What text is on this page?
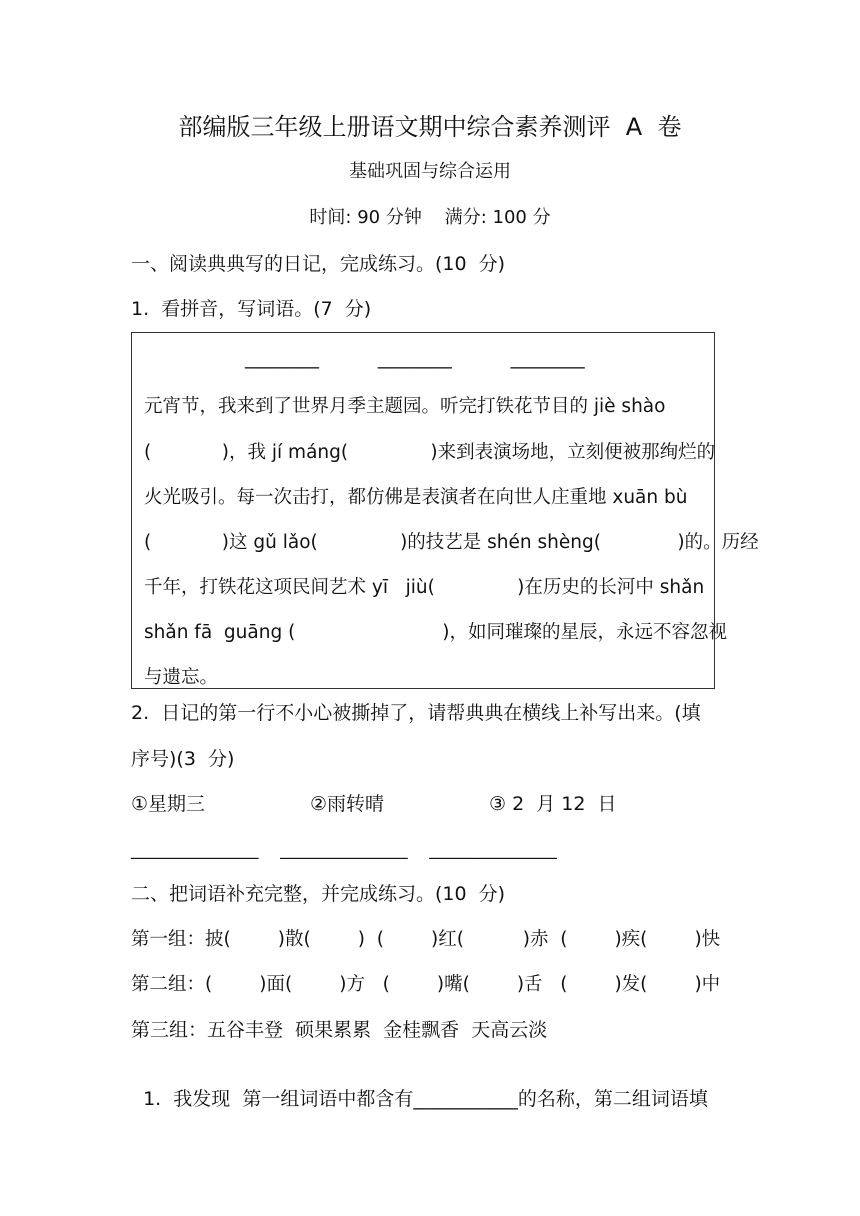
部编版三年级上册语文期中综合素养测评  A  卷
基础巩固与综合运用
时间: 90 分钟    满分: 100 分
一、阅读典典写的日记，完成练习。(10  分)
1.  看拼音，写词语。(7  分)
________          ________          ________
元宵节，我来到了世界月季主题园。听完打铁花节目的 jiè shào
(            )，我 jí máng(              )来到表演场地，立刻便被那绚烂的
火光吸引。每一次击打，都仿佛是表演者在向世人庄重地 xuān bù
(            )这 gǔ lǎo(              )的技艺是 shén shèng(             )的。历经
千年，打铁花这项民间艺术 yī   jiù(              )在历史的长河中 shǎn
shǎn fā  guāng (                         )，如同璀璨的星辰，永远不容忽视
与遗忘。
2.  日记的第一行不小心被撕掉了，请帮典典在横线上补写出来。(填
序号)(3  分)
①星期三	②雨转晴	③ 2  月 12  日
_______________    _______________    _______________
二、把词语补充完整，并完成练习。(10  分)
第一组：披(        )散(        )  (        )红(          )赤  (        )疾(        )快
第二组：(        )面(        )方   (        )嘴(        )舌   (        )发(        )中
第三组：五谷丰登  硕果累累  金桂飘香  天高云淡

1.  我发现  第一组词语中都含有___________的名称，第二组词语填
